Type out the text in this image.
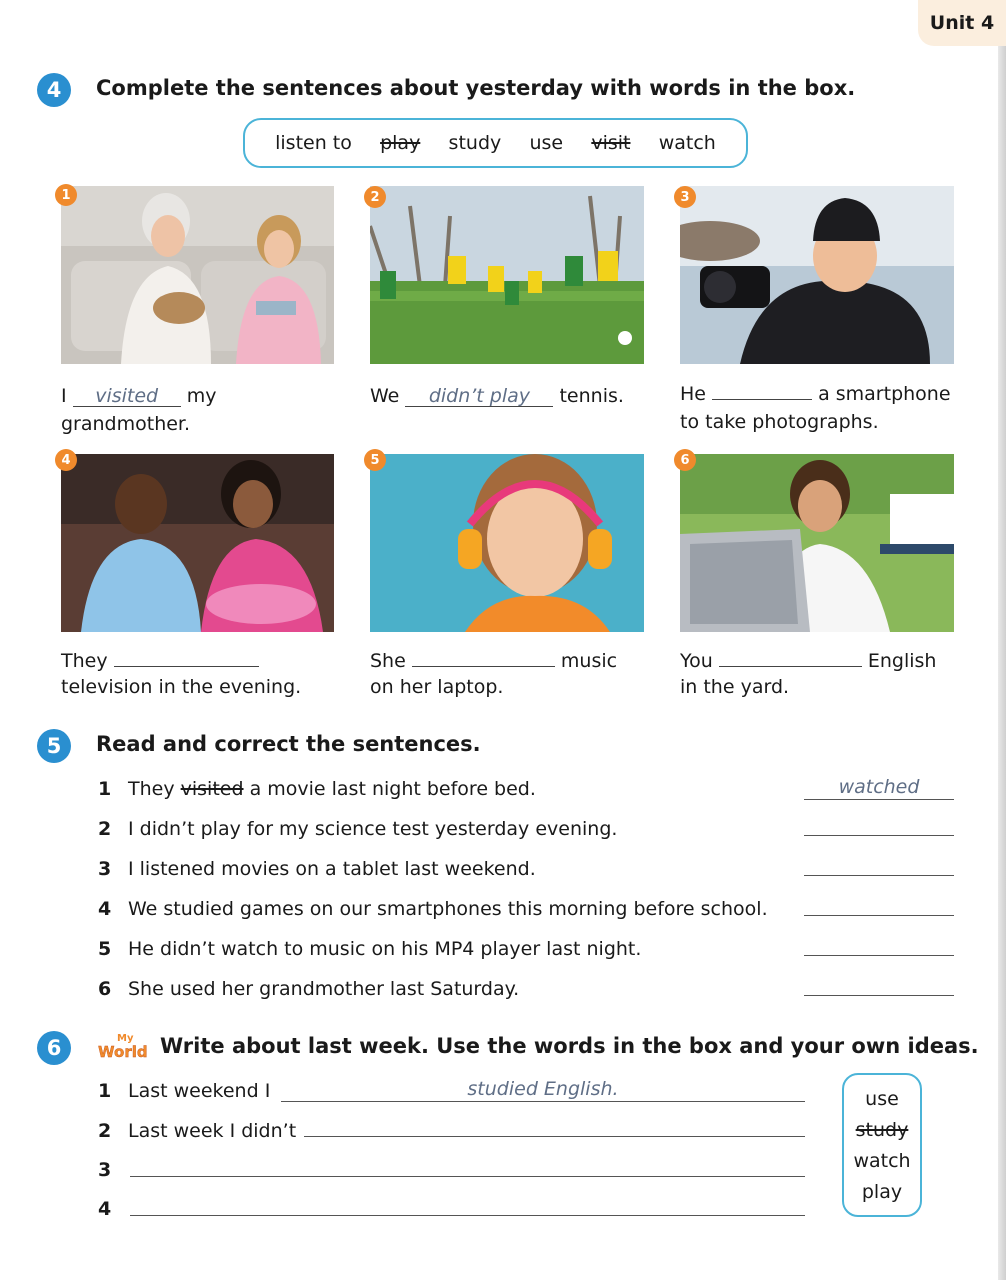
Unit 4
4	Complete the sentences about yesterday with words in the box.
listen to play study use visit watch
1	2	3
I visited my
grandmother.
We didn’t play tennis.	He	a smartphone
to take photographs.
4	5	6
They
television in the evening.
She	music
on her laptop.
You	English
in the yard.
5	Read and correct the sentences.
1 They visited a movie last night before bed.	watched
2 I didn’t play for my science test yesterday evening.
3 I listened movies on a tablet last weekend.
4 We studied games on our smartphones this morning before school.
5 He didn’t watch to music on his MP4 player last night.
6 She used her grandmother last Saturday.
6	My
World Write about last week. Use the words in the box and your own ideas.
1 Last weekend I	studied English.
2 Last week I didn’t
3
4
use
study
watch
play
